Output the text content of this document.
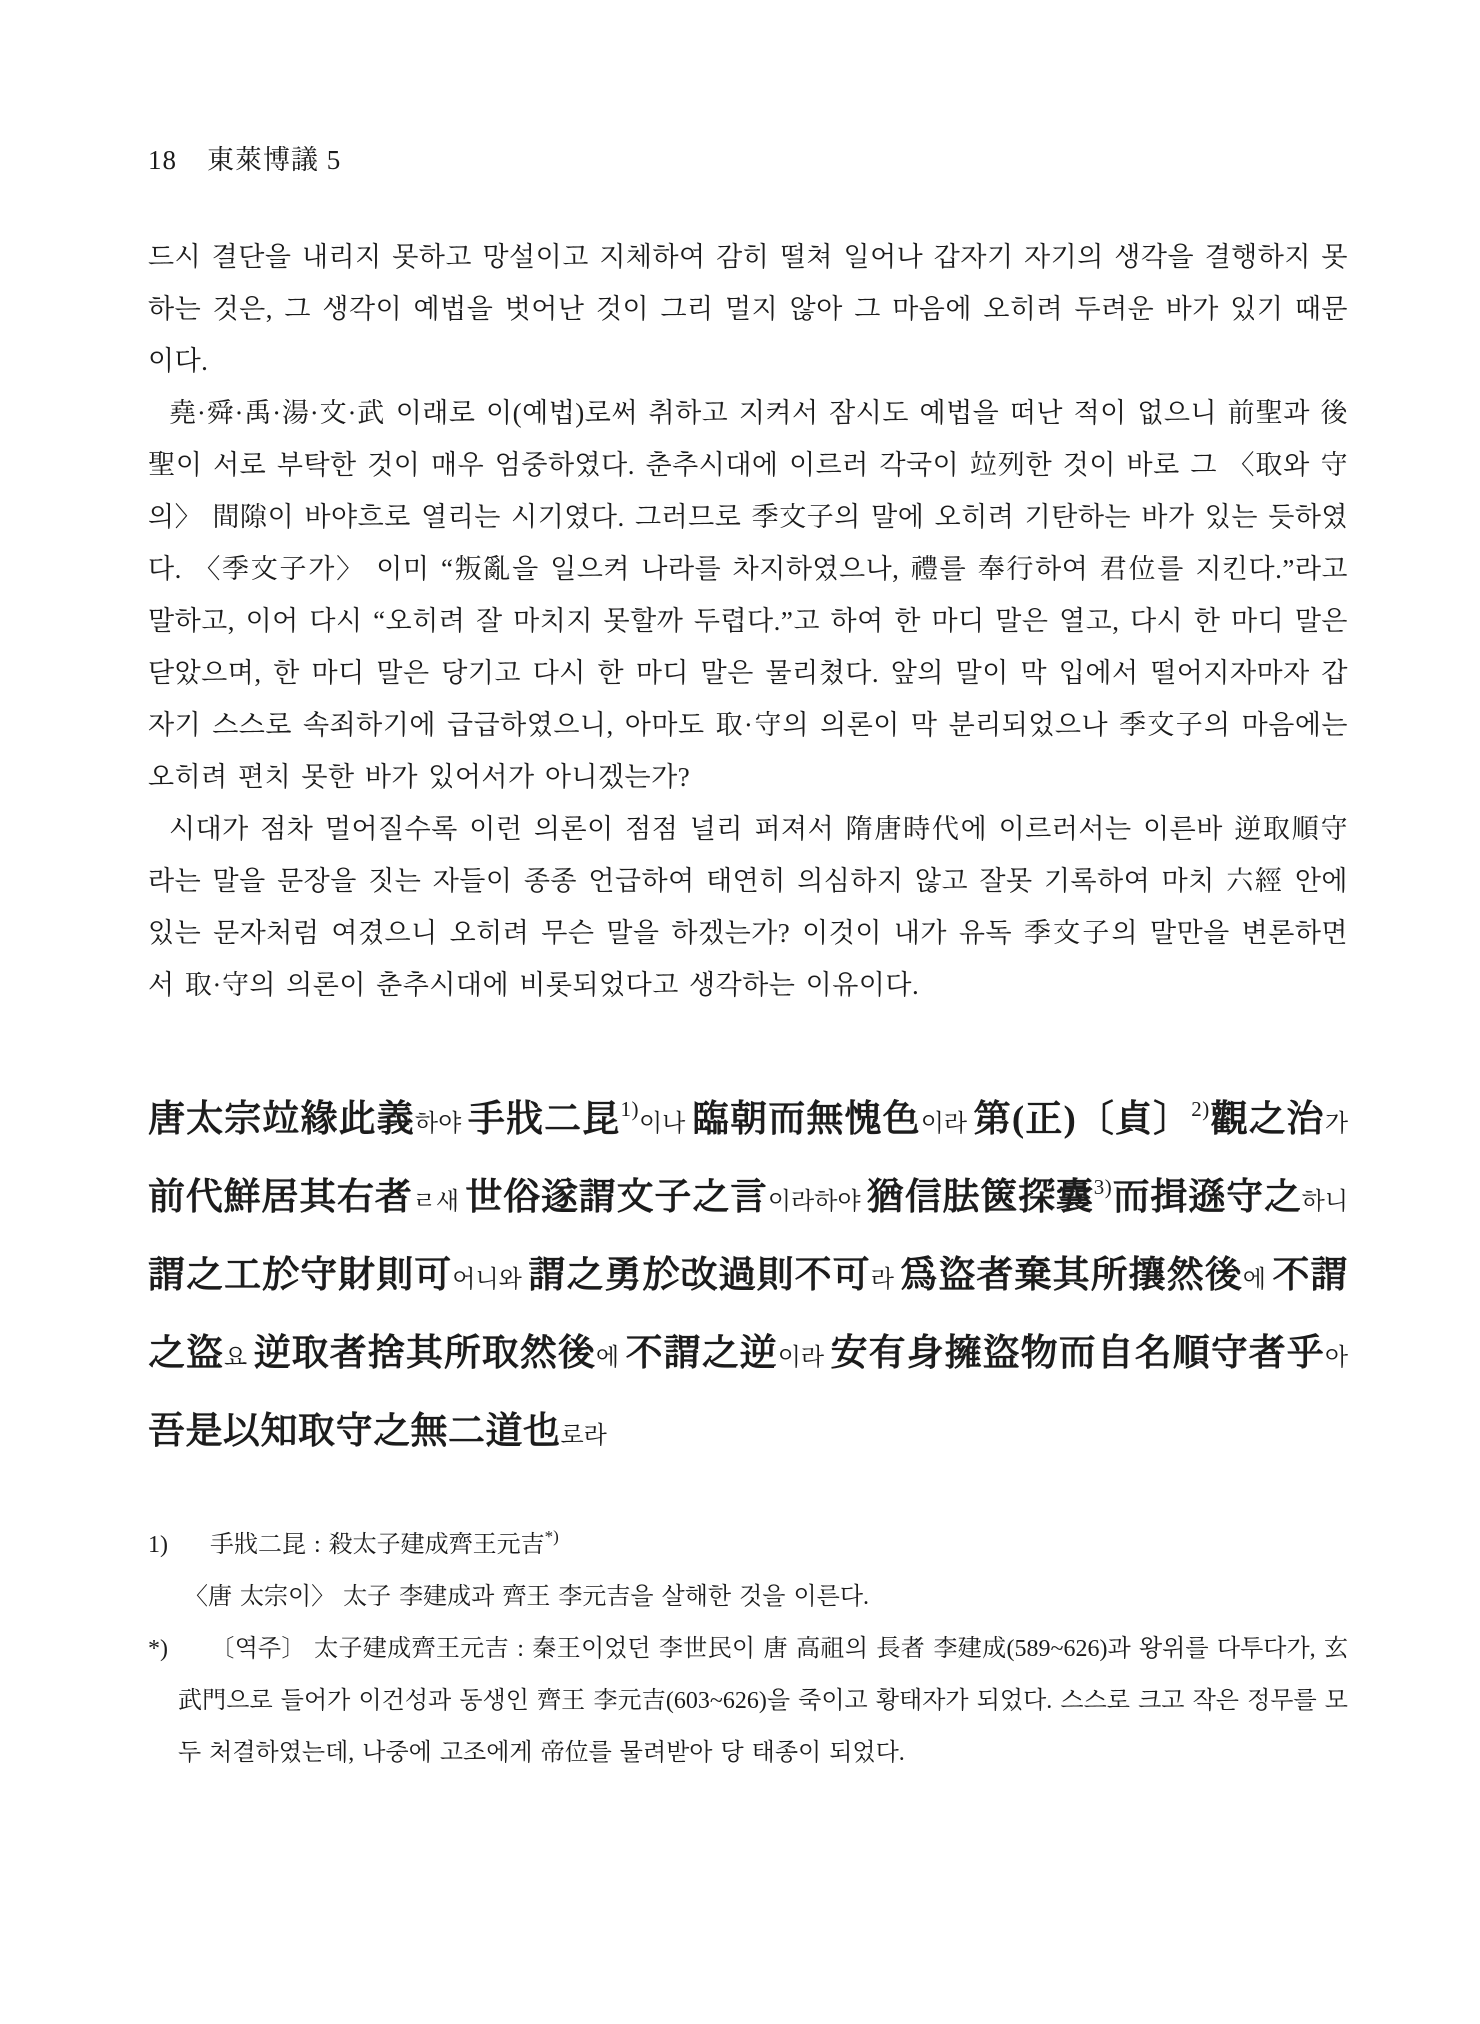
18 東萊博議 5

드시 결단을 내리지 못하고 망설이고 지체하여 감히 떨쳐 일어나 갑자기 자기의 생각을 결행하지 못하는 것은, 그 생각이 예법을 벗어난 것이 그리 멀지 않아 그 마음에 오히려 두려운 바가 있기 때문이다.

堯·舜·禹·湯·文·武 이래로 이(예법)로써 취하고 지켜서 잠시도 예법을 떠난 적이 없으니 前聖과 後聖이 서로 부탁한 것이 매우 엄중하였다. 춘추시대에 이르러 각국이 竝列한 것이 바로 그 〈取와 守의〉 間隙이 바야흐로 열리는 시기였다. 그러므로 季文子의 말에 오히려 기탄하는 바가 있는 듯하였다. 〈季文子가〉 이미 “叛亂을 일으켜 나라를 차지하였으나, 禮를 奉行하여 君位를 지킨다.”라고 말하고, 이어 다시 “오히려 잘 마치지 못할까 두렵다.”고 하여 한 마디 말은 열고, 다시 한 마디 말은 닫았으며, 한 마디 말은 당기고 다시 한 마디 말은 물리쳤다. 앞의 말이 막 입에서 떨어지자마자 갑자기 스스로 속죄하기에 급급하였으니, 아마도 取·守의 의론이 막 분리되었으나 季文子의 마음에는 오히려 편치 못한 바가 있어서가 아니겠는가?

시대가 점차 멀어질수록 이런 의론이 점점 널리 퍼져서 隋唐時代에 이르러서는 이른바 逆取順守라는 말을 문장을 짓는 자들이 종종 언급하여 태연히 의심하지 않고 잘못 기록하여 마치 六經 안에 있는 문자처럼 여겼으니 오히려 무슨 말을 하겠는가? 이것이 내가 유독 季文子의 말만을 변론하면서 取·守의 의론이 춘추시대에 비롯되었다고 생각하는 이유이다.

唐太宗竝緣此義하야 手戕二昆$^{1)}$이나 臨朝而無愧色이라 第(正)〔貞〕$^{2)}$觀之治가 前代鮮居其右者ㄹ새 世俗遂謂文子之言이라하야 猶信胠篋探囊$^{3)}$而揖遜守之하니 謂之工於守財則可어니와 謂之勇於改過則不可라 爲盜者棄其所攘然後에 不謂之盜요 逆取者捨其所取然後에 不謂之逆이라 安有身擁盜物而自名順守者乎아 吾是以知取守之無二道也로라
1) 手戕二昆 : 殺太子建成齊王元吉*)
〈唐 太宗이〉 太子 李建成과 齊王 李元吉을 살해한 것을 이른다.
*) 〔역주〕 太子建成齊王元吉 : 秦王이었던 李世民이 唐 高祖의 長者 李建成(589~626)과 왕위를 다투다가, 玄武門으로 들어가 이건성과 동생인 齊王 李元吉(603~626)을 죽이고 황태자가 되었다. 스스로 크고 작은 정무를 모두 처결하였는데, 나중에 고조에게 帝位를 물려받아 당 태종이 되었다.
